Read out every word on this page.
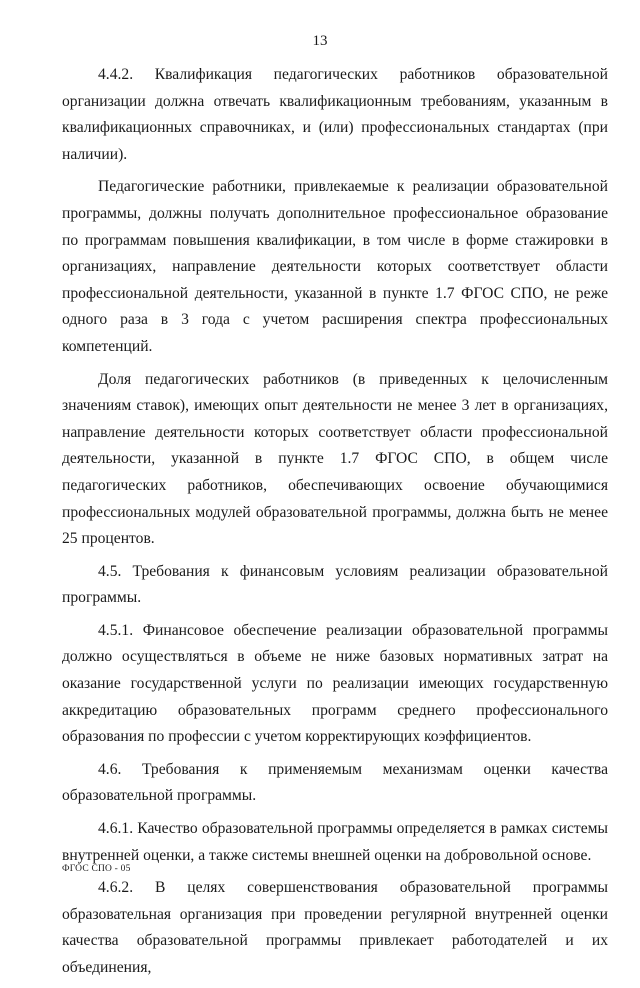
13

4.4.2. Квалификация педагогических работников образовательной организации должна отвечать квалификационным требованиям, указанным в квалификационных справочниках, и (или) профессиональных стандартах (при наличии).

Педагогические работники, привлекаемые к реализации образовательной программы, должны получать дополнительное профессиональное образование по программам повышения квалификации, в том числе в форме стажировки в организациях, направление деятельности которых соответствует области профессиональной деятельности, указанной в пункте 1.7 ФГОС СПО, не реже одного раза в 3 года с учетом расширения спектра профессиональных компетенций.

Доля педагогических работников (в приведенных к целочисленным значениям ставок), имеющих опыт деятельности не менее 3 лет в организациях, направление деятельности которых соответствует области профессиональной деятельности, указанной в пункте 1.7 ФГОС СПО, в общем числе педагогических работников, обеспечивающих освоение обучающимися профессиональных модулей образовательной программы, должна быть не менее 25 процентов.

4.5. Требования к финансовым условиям реализации образовательной программы.

4.5.1. Финансовое обеспечение реализации образовательной программы должно осуществляться в объеме не ниже базовых нормативных затрат на оказание государственной услуги по реализации имеющих государственную аккредитацию образовательных программ среднего профессионального образования по профессии с учетом корректирующих коэффициентов.

4.6. Требования к применяемым механизмам оценки качества образовательной программы.

4.6.1. Качество образовательной программы определяется в рамках системы внутренней оценки, а также системы внешней оценки на добровольной основе.

4.6.2. В целях совершенствования образовательной программы образовательная организация при проведении регулярной внутренней оценки качества образовательной программы привлекает работодателей и их объединения,

ФГОС СПО - 05
